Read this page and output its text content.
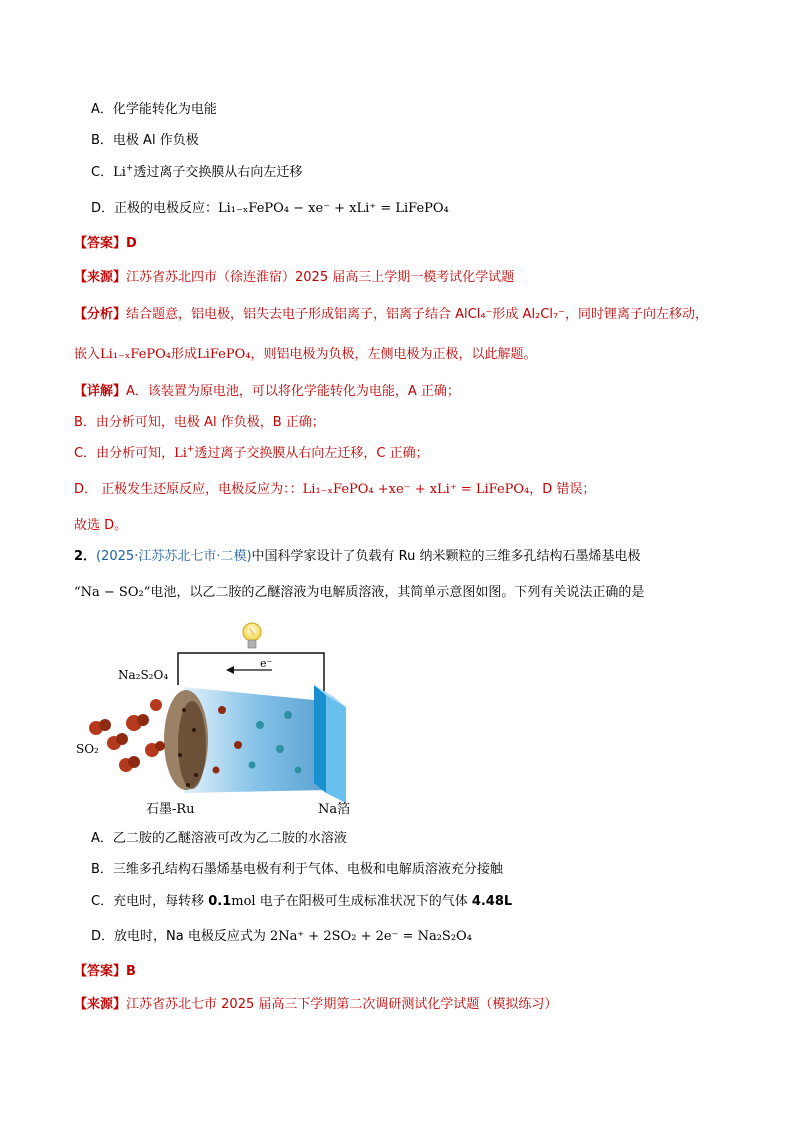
A．化学能转化为电能
B．电极 Al 作负极
C．Li+透过离子交换膜从右向左迁移
D．正极的电极反应：Li₁₋ₓFePO₄ − xe⁻ + xLi⁺ = LiFePO₄
【答案】D
【来源】江苏省苏北四市（徐连淮宿）2025 届高三上学期一模考试化学试题
【分析】结合题意，铝电极，铝失去电子形成铝离子，铝离子结合 AlCl₄⁻形成 Al₂Cl₇⁻，同时锂离子向左移动，
嵌入Li₁₋ₓFePO₄形成LiFePO₄，则铝电极为负极，左侧电极为正极，以此解题。
【详解】A．该装置为原电池，可以将化学能转化为电能，A 正确；
B．由分析可知，电极 Al 作负极，B 正确；
C．由分析可知，Li+透过离子交换膜从右向左迁移，C 正确；
D． 正极发生还原反应，电极反应为：：Li₁₋ₓFePO₄ +xe⁻ + xLi⁺ = LiFePO₄，D 错误；
故选 D。
2．(2025·江苏苏北七市·二模)中国科学家设计了负载有 Ru 纳米颗粒的三维多孔结构石墨烯基电极
“Na − SO₂”电池，以乙二胺的乙醚溶液为电解质溶液，其简单示意图如图。下列有关说法正确的是
e⁻
Na₂S₂O₄
SO₂
石墨-Ru	Na箔
A．乙二胺的乙醚溶液可改为乙二胺的水溶液
B．三维多孔结构石墨烯基电极有利于气体、电极和电解质溶液充分接触
C．充电时，每转移 0.1mol 电子在阳极可生成标准状况下的气体 4.48L
D．放电时，Na 电极反应式为 2Na⁺ + 2SO₂ + 2e⁻ = Na₂S₂O₄
【答案】B
【来源】江苏省苏北七市 2025 届高三下学期第二次调研测试化学试题（模拟练习）
